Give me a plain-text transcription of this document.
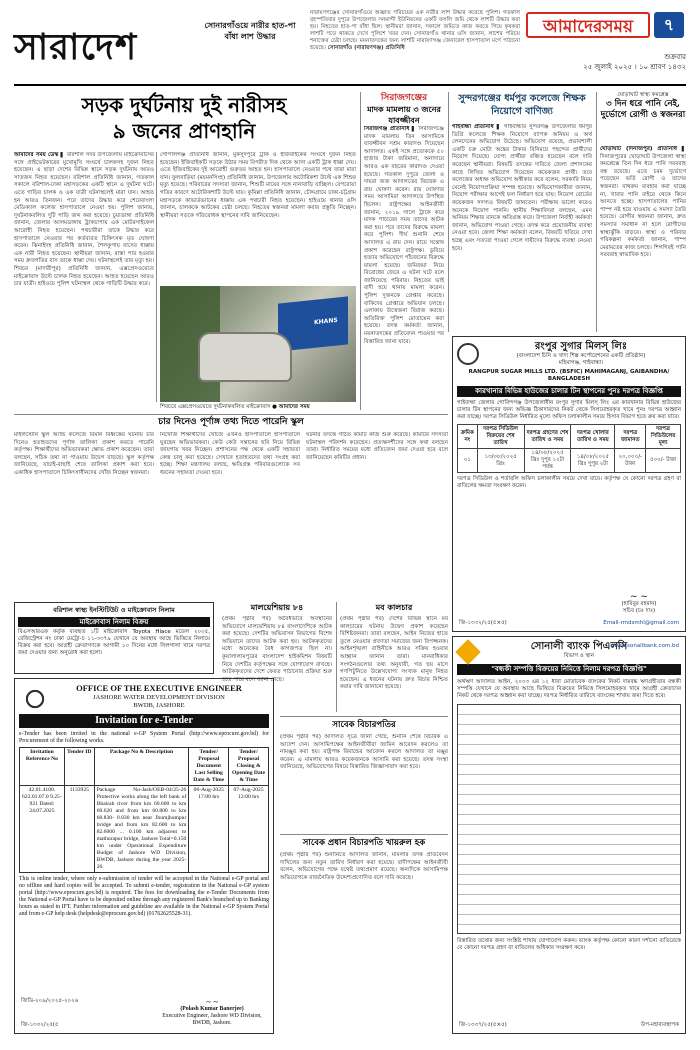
সারাদেশ
সোনারগাঁওয়ে নারীর হাত-পা বাঁধা লাশ উদ্ধার
নারায়ণগঞ্জের সোনারগাঁওয়ে অজ্ঞাত পরিচয়ের এক নারীর লাশ উদ্ধার করেছে পুলিশ। গতকাল বৃহস্পতিবার দুপুরে উপজেলার সনমান্দী ইউনিয়নের একটি ফসলি জমি থেকে লাশটি উদ্ধার করা হয়। নিহতের হাত-পা বাঁধা ছিল। স্থানীয়রা জানান, সকালে জমিতে কাজ করতে গিয়ে কৃষকরা লাশটি পড়ে থাকতে দেখে পুলিশে খবর দেন। সোনারগাঁও থানার ওসি জানান, লাশের পরিচয় শনাক্তের চেষ্টা চলছে। ময়নাতদন্তের জন্য লাশটি নারায়ণগঞ্জ জেনারেল হাসপাতাল মর্গে পাঠানো হয়েছে। সোনারগাঁও (নারায়ণগঞ্জ) প্রতিনিধি
আমাদেরসময়	৭
শুক্রবার
২৫ জুলাই ২০২৫ । ১০ শ্রাবণ ১৪৩২
সড়ক দুর্ঘটনায় দুই নারীসহ
৯ জনের প্রাণহানি
আমাদের সময় ডেস্ক ▌ বরিশাল সদর উপজেলায় মাইক্রোবাসের সঙ্গে প্রাইভেটকারের মুখোমুখি সংঘর্ষে চালকসহ দুজন নিহত হয়েছেন। এ ছাড়া দেশের বিভিন্ন স্থানে সড়ক দুর্ঘটনায় আরও সাতজন নিহত হয়েছেন। বরিশাল প্রতিনিধি জানান, গতকাল সকালে বরিশাল-ঢাকা মহাসড়কের একটি স্থানে এ দুর্ঘটনা ঘটে। এতে গাড়ির চালক ও এক যাত্রী ঘটনাস্থলেই মারা যান। আহত হন আরও তিনজন। পরে তাদের উদ্ধার করে শেরেবাংলা মেডিক্যাল কলেজ হাসপাতালে নেওয়া হয়। পুলিশ জানায়, দুর্ঘটনাকবলিত দুটি গাড়ি জব্দ করা হয়েছে। চুয়াডাঙ্গা প্রতিনিধি জানান, জেলার আলমডাঙ্গায় ট্রাকচাপায় এক মোটরসাইকেল আরোহী নিহত হয়েছেন। পথচারীরা তাকে উদ্ধার করে হাসপাতালে নেওয়ার পর কর্তব্যরত চিকিৎসক মৃত ঘোষণা করেন। ঝিনাইদহ প্রতিনিধি জানান, শৈলকুপায় বাসের ধাক্কায় এক নারী নিহত হয়েছেন। স্থানীয়রা জানান, রাস্তা পার হওয়ার সময় দ্রুতগতির বাস তাকে ধাক্কা দেয়। ঘটনাস্থলেই তার মৃত্যু হয়। শিবচর (মাদারীপুর) প্রতিনিধি জানান, এক্সপ্রেসওয়েতে মাইক্রোবাস উল্টে চালক নিহত হয়েছেন। আহত হয়েছেন আরও চার যাত্রী। হাইওয়ে পুলিশ ঘটনাস্থল থেকে গাড়িটি উদ্ধার করে।
গোপালগঞ্জ প্রতিনিধি জানান, মুকসুদপুরে ট্রাক ও ইজিবাইকের সংঘর্ষে দুজন নিহত হয়েছেন। ইজিবাইকটি সড়কে উঠার সময় বিপরীত দিক থেকে আসা একটি ট্রাক ধাক্কা দেয়। এতে ইজিবাইকের দুই আরোহী গুরুতর আহত হন। হাসপাতালে নেওয়ার পথে তারা মারা যান। ফুলবাড়িয়া (ময়মনসিংহ) প্রতিনিধি জানান, উপজেলায় অটোরিকশা উল্টে এক শিশুর মৃত্যু হয়েছে। পরিবারের সদস্যরা জানান, শিশুটি মায়ের সঙ্গে নানাবাড়ি যাচ্ছিল। বেপরোয়া গতির কারণে অটোরিকশাটি উল্টে যায়। কুমিল্লা প্রতিনিধি জানান, চৌদ্দগ্রামে ঢাকা-চট্টগ্রাম মহাসড়কে কাভার্ডভ্যানের ধাক্কায় এক পথচারী নিহত হয়েছেন। হাইওয়ে থানার ওসি জানান, চালককে আটকের চেষ্টা চলছে। নিহতের স্বজনরা মামলা করার প্রস্তুতি নিচ্ছেন। স্থানীয়রা সড়কে গতিরোধক স্থাপনের দাবি জানিয়েছেন।
KHANS
শিবচরে এক্সপ্রেসওয়েতে দুর্ঘটনাকবলিত মাইক্রোবাস ● আমাদের সময়
সিরাজগঞ্জের
মাদক মামলায় ৩ জনের যাবজ্জীবন
সিরাজগঞ্জ প্রতিনিধি ▌ সিরাজগঞ্জে মাদক মামলায় তিন আসামিকে যাবজ্জীবন সশ্রম কারাদণ্ড দিয়েছেন আদালত। একই সঙ্গে প্রত্যেককে ৫০ হাজার টাকা জরিমানা, অনাদায়ে আরও এক বছরের কারাদণ্ড দেওয়া হয়েছে। গতকাল দুপুরে জেলা ও দায়রা জজ আদালতের বিচারক এ রায় ঘোষণা করেন। রায় ঘোষণার সময় আসামিরা আদালতে উপস্থিত ছিলেন। রাষ্ট্রপক্ষের আইনজীবী জানান, ২০১৯ সালে ট্রাকে করে মাদক পাচারের সময় তাদের আটক করা হয়। পরে তাদের বিরুদ্ধে মামলা করে পুলিশ। দীর্ঘ শুনানি শেষে আদালত এ রায় দেন। রায়ে সন্তোষ প্রকাশ করেছেন রাষ্ট্রপক্ষ। ডুবিয়ে হত্যার অভিযোগে পাঁচজনের বিরুদ্ধে মামলা হয়েছে। জমিজমা নিয়ে বিরোধের জেরে এ ঘটনা ঘটে বলে জানিয়েছে পরিবার। নিহতের ভাই বাদী হয়ে থানায় মামলা করেন। পুলিশ দুজনকে গ্রেপ্তার করেছে। বাকিদের গ্রেপ্তারে অভিযান চলছে। এলাকায় উত্তেজনা বিরাজ করছে। অতিরিক্ত পুলিশ মোতায়েন করা হয়েছে। তদন্ত কর্মকর্তা জানান, ময়নাতদন্তের প্রতিবেদন পাওয়ার পর বিস্তারিত জানা যাবে।
সুন্দরগঞ্জের ধর্মপুর কলেজে শিক্ষক নিয়োগে বাণিজ্য
গাইবান্ধা প্রতিনিধি ▌ গাইবান্ধার সুন্দরগঞ্জ উপজেলার ধর্মপুর ডিগ্রি কলেজে শিক্ষক নিয়োগে ব্যাপক অনিয়ম ও অর্থ লেনদেনের অভিযোগ উঠেছে। অভিযোগ রয়েছে, প্রভাবশালী একটি চক্র মোটা অঙ্কের টাকার বিনিময়ে পছন্দের প্রার্থীদের নিয়োগ দিয়েছে। যোগ্য প্রার্থীরা বঞ্চিত হয়েছেন বলে দাবি করেছেন স্থানীয়রা। বিষয়টি তদন্তের দাবিতে জেলা প্রশাসকের কাছে লিখিত অভিযোগ দিয়েছেন কয়েকজন প্রার্থী। তবে কলেজের অধ্যক্ষ অভিযোগ অস্বীকার করে বলেন, সরকারি নিয়ম মেনেই নিয়োগপ্রক্রিয়া সম্পন্ন হয়েছে। অভিযোগকারীরা জানান, নিয়োগ পরীক্ষার আগেই ফল নির্ধারণ হয়ে যায়। নিয়োগ বোর্ডের কয়েকজন সদস্যও বিষয়টি জানতেন। পরীক্ষায় ভালো করেও অনেকে নিয়োগ পাননি। স্থানীয় শিক্ষাবিদরা বলছেন, এমন অনিয়ম শিক্ষার মানকে ক্ষতিগ্রস্ত করে। উপজেলা নির্বাহী কর্মকর্তা জানান, অভিযোগ পাওয়া গেছে। তদন্ত করে প্রয়োজনীয় ব্যবস্থা নেওয়া হবে। জেলা শিক্ষা কর্মকর্তা বলেন, বিষয়টি খতিয়ে দেখা হচ্ছে এবং সত্যতা পাওয়া গেলে দায়ীদের বিরুদ্ধে ব্যবস্থা নেওয়া হবে।
ঘোড়াঘাট স্বাস্থ্য কমপ্লেক্স
৩ দিন ধরে পানি নেই, দুর্ভোগে রোগী ও স্বজনরা
ঘোড়াঘাট (দিনাজপুর) প্রতিনিধি ▌ দিনাজপুরের ঘোড়াঘাট উপজেলা স্বাস্থ্য কমপ্লেক্সে তিন দিন ধরে পানি সরবরাহ বন্ধ রয়েছে। এতে চরম দুর্ভোগে পড়েছেন ভর্তি রোগী ও তাদের স্বজনরা। বাথরুম ব্যবহার করা যাচ্ছে না, খাবার পানি বাইরে থেকে কিনে আনতে হচ্ছে। হাসপাতালের পানির পাম্প নষ্ট হয়ে যাওয়ায় এ সমস্যা তৈরি হয়েছে। রোগীর স্বজনরা জানান, দ্রুত সমস্যার সমাধান না হলে রোগীদের স্বাস্থ্যঝুঁকি বাড়বে। স্বাস্থ্য ও পরিবার পরিকল্পনা কর্মকর্তা জানান, পাম্প মেরামতের কাজ চলছে। শিগগিরই পানি সরবরাহ স্বাভাবিক হবে।
রংপুর সুগার মিলস্ লিঃ
(বাংলাদেশ চিনি ও খাদ্য শিল্প কর্পোরেশনের একটি প্রতিষ্ঠান)
মহিমাগঞ্জ, গাইবান্ধা।
RANGPUR SUGAR MILLS LTD. (BSFIC) MAHIMAGANJ, GAIBANDHA/ BANGLADESH
কারখানার বিভিন্ন হাউজের চালার টিন স্থাপনের পুনঃ দরপত্র বিজ্ঞপ্তি
গাইবান্ধা জেলার গোবিন্দগঞ্জ উপজেলাধীন রংপুর সুগার মিলস্ লিঃ এর কারখানার বিভিন্ন হাউজের চালার টিন স্থাপনের জন্য অভিজ্ঞ ঠিকাদারদের নিকট থেকে সিলমোহরকৃত খামে পুনঃ দরপত্র আহ্বান করা যাচ্ছে। দরপত্র সিডিউল নির্ধারিত মূল্যে অফিস চলাকালীন সময়ে হিসাব বিভাগ হতে ক্রয় করা যাবে।
ক্রমিক নং	দরপত্র সিডিউল বিক্রয়ের শেষ তারিখ	দরপত্র গ্রহণের শেষ তারিখ ও সময়	দরপত্র খোলার তারিখ ও সময়	দরপত্র জামানত	দরপত্র সিডিউলের মূল্য
০১	১৩/০৮/২০২৫ খ্রিঃ	১৪/০৮/২০২৫ খ্রিঃ দুপুর ১২টা পর্যন্ত	১৪/০৮/২০২৫ খ্রিঃ দুপুর ২টা	২০,০০০/- টাকা	৫০০/- টাকা
দরপত্র সিডিউল ও শর্তাবলি অফিস চলাকালীন সময়ে দেখা যাবে। কর্তৃপক্ষ যে কোনো দরপত্র গ্রহণ বা বাতিলের ক্ষমতা সংরক্ষণ করেন।
~ ~
(হাবিবুর রহমান)
সচিব (চঃ দাঃ)
জি-১৩৩২/২৫(৫×৫)	Email-rmdsmhl@gmail.com
চার দিনেও পূর্ণাঙ্গ তথ্য দিতে পারেনি স্কুল
মাইলস্টোন স্কুল অ্যান্ড কলেজে বিমান বিধ্বস্তের ঘটনায় চার দিনেও হতাহতদের পূর্ণাঙ্গ তালিকা প্রকাশ করতে পারেনি কর্তৃপক্ষ। শিক্ষার্থীদের অভিভাবকরা ক্ষোভ প্রকাশ করেছেন। তারা বলছেন, সঠিক তথ্য না পাওয়ায় উদ্বেগ বাড়ছে। স্কুল কর্তৃপক্ষ জানিয়েছে, যাচাই-বাছাই শেষে তালিকা প্রকাশ করা হবে। একাধিক হাসপাতালে চিকিৎসাধীনদের খোঁজ নিচ্ছেন স্বজনরা।
নিখোঁজ শিক্ষার্থীদের খোঁজে এখনও হাসপাতালে হাসপাতালে ঘুরছেন অভিভাবকরা। কেউ কেউ সন্তানের ছবি নিয়ে বিভিন্ন জায়গায় খবর নিচ্ছেন। প্রশাসনের পক্ষ থেকে একটি সহায়তা কেন্দ্র চালু করা হয়েছে। সেখানে হতাহতদের তথ্য সংগ্রহ করা হচ্ছে। শিক্ষা মন্ত্রণালয় বলছে, ক্ষতিগ্রস্ত পরিবারগুলোকে সব ধরনের সহায়তা দেওয়া হবে।
ঘটনার তদন্তে গঠিত কমিটি কাজ শুরু করেছে। কমিটির সদস্যরা ঘটনাস্থল পরিদর্শন করেছেন। প্রত্যক্ষদর্শীদের সঙ্গে কথা বলছেন তারা। নির্ধারিত সময়ের মধ্যে প্রতিবেদন জমা দেওয়া হবে বলে জানিয়েছেন কমিটির প্রধান।
বরিশাল স্বাস্থ্য ইনস্টিটিউট ও মাইক্রোবাস নিলাম
মাইক্রোবাস নিলাম বিক্রয়
বিএসআরএফ কর্তৃক ব্যবহৃত ১টি মাইক্রোবাস Toyota Hiace মডেল ২০০৫, রেজিস্ট্রেশন নং ঢাকা মেট্রো-চ ১১-৩৩৭৯ যেখানে যে অবস্থায় আছে ভিত্তিতে নিলামে বিক্রয় করা হবে। আগ্রহী ক্রেতাগণকে আগামী ১০ দিনের মধ্যে সিলগালা খামে দরপত্র জমা দেওয়ার জন্য অনুরোধ করা হলো।
মালয়েশিয়ায় ৮৪
(প্রথম পৃষ্ঠার পর) অবৈধভাবে অবস্থানের অভিযোগে মালয়েশিয়ায় ৮৪ বাংলাদেশিকে আটক করা হয়েছে। দেশটির অভিবাসন বিভাগের বিশেষ অভিযানে তাদের আটক করা হয়। আটককৃতদের মধ্যে অনেকের বৈধ কাগজপত্র ছিল না। কুয়ালালামপুরের বাংলাদেশ হাইকমিশন বিষয়টি নিয়ে দেশটির কর্তৃপক্ষের সঙ্গে যোগাযোগ রাখছে। আটককৃতদের দেশে ফেরত পাঠানোর প্রক্রিয়া শুরু হতে পারে বলে জানা গেছে।
মব কালচার
(প্রথম পৃষ্ঠার পর) দেশের বিভিন্ন স্থানে মব কালচারের ঘটনায় উদ্বেগ প্রকাশ করেছেন বিশিষ্টজনরা। তারা বলছেন, আইন নিজের হাতে তুলে নেওয়ার প্রবণতা সমাজের জন্য বিপজ্জনক। আইনশৃঙ্খলা বাহিনীকে আরও সক্রিয় হওয়ার আহ্বান জানান তারা। মানবাধিকার সংগঠনগুলোর তথ্য অনুযায়ী, গত ছয় মাসে গণপিটুনিতে উল্লেখযোগ্য সংখ্যক মানুষ নিহত হয়েছেন। এ ধরনের ঘটনায় দ্রুত বিচার নিশ্চিত করার দাবি জানানো হয়েছে।
OFFICE OF THE EXECUTIVE ENGINEER
JASHORE WATER DEVELOPMENT DIVISION
BWDB, JASHORE
Invitation for e-Tender
e-Tender has been invited in the national e-GP System Portal (http://www.eprocure.gov.bd) for Procurement of the following works.
Invitation Reference No	Tender ID	Package No & Description	Tender/ Proposal Document Last Selling Date & Time	Tender/ Proposal Closing & Opening Date & Time
42.01.4100. 622.01.07.0 9.25- 921 Dated: 24.07.2025	1133925	Package No-Jash/OEB-04/25-26 Protective works along the left bank of Bhairab river from km 60.600 to km 60.620 and from km 60.800 to km 60.830- 0.030 km near Jhumjhumpur bridge and from km 82.600 to km 82.6000 ... 0.100 km adjacent to mathurapur bridge, Jashore Total=0.150 km under Operational Expenditure Budget of Jashore WD Division, BWDB, Jashore during the year 2025-26.	06-Aug-2025 17:00 hrs	07-Aug-2025 12:00 hrs
This is online tender, where only e-submission of tender will be accepted in the National e-GP portal and no offline and hard copies will be accepted. To submit e-tender, registration in the National e-GP system portal (http://www.eprocure.gov.bd) is required. The fees for downloading the e-Tender Documents from the National e-GP Portal have to be deposited online through any registered Bank's branched up to Banking hours as stated in IFT. Further information and guideline are available in the National e-GP System Portal and from e-GP help desk (helpdesk@eprocure.gov.bd) (01762625528-31).
জিডি-২০৯/২০২৫-২০২৬	~ ~
(Polash Kumar Banerjee)
Executive Engineer, Jashore WD Division, BWDB, Jashore.
জি-১৩৩২/২৫(৫
সাবেক বিচারপতির
(প্রথম পৃষ্ঠার পর) আদালত সূত্রে জানা গেছে, শুনানি শেষে বিচারক এ আদেশ দেন। আসামিপক্ষের আইনজীবীরা জামিন আবেদন করলেও তা নামঞ্জুর করা হয়। রাষ্ট্রপক্ষ রিমান্ডের আবেদন করলে আদালত তা মঞ্জুর করেন। এ মামলায় আরও কয়েকজনকে আসামি করা হয়েছে। তদন্ত সংস্থা জানিয়েছে, অভিযোগের বিষয়ে বিস্তারিত জিজ্ঞাসাবাদ করা হবে।
সাবেক প্রধান বিচারপতি খায়রুল হক
(প্রথম পৃষ্ঠার পর) শুনানিতে আদালত জানান, মামলার তদন্ত প্রতিবেদন দাখিলের জন্য নতুন তারিখ নির্ধারণ করা হয়েছে। বাদীপক্ষের আইনজীবী বলেন, অভিযোগের পক্ষে যথেষ্ট তথ্যপ্রমাণ রয়েছে। অন্যদিকে আসামিপক্ষ অভিযোগকে রাজনৈতিক উদ্দেশ্যপ্রণোদিত বলে দাবি করেছে।
সোনালী ব্যাংক পিএলসি
বিভাগ ও স্থান
www.sonalibank.com.bd
"বন্ধকী সম্পত্তি বিক্রয়ের নিমিত্তে নিলাম দরপত্র বিজ্ঞপ্তি"
অর্থঋণ আদালত আইন, ২০০৩ এর ১২ ধারা মোতাবেক ব্যাংকের নিকট দায়বদ্ধ ঋণগ্রহীতার বন্ধকী সম্পত্তি যেখানে যে অবস্থায় আছে ভিত্তিতে বিক্রয়ের নিমিত্তে সিলমোহরকৃত খামে আগ্রহী ক্রেতাদের নিকট থেকে দরপত্র আহ্বান করা যাচ্ছে। দরপত্র নির্ধারিত তারিখে ব্যাংকের শাখায় জমা দিতে হবে।
বিস্তারিত তথ্যের জন্য সংশ্লিষ্ট শাখায় যোগাযোগ করুন। ব্যাংক কর্তৃপক্ষ কোনো কারণ দর্শানো ব্যতিরেকে যে কোনো দরপত্র গ্রহণ বা বাতিলের অধিকার সংরক্ষণ করে।
জি-১৩৩৭/২৫(৫×৫)	উপ-মহাব্যবস্থাপক
